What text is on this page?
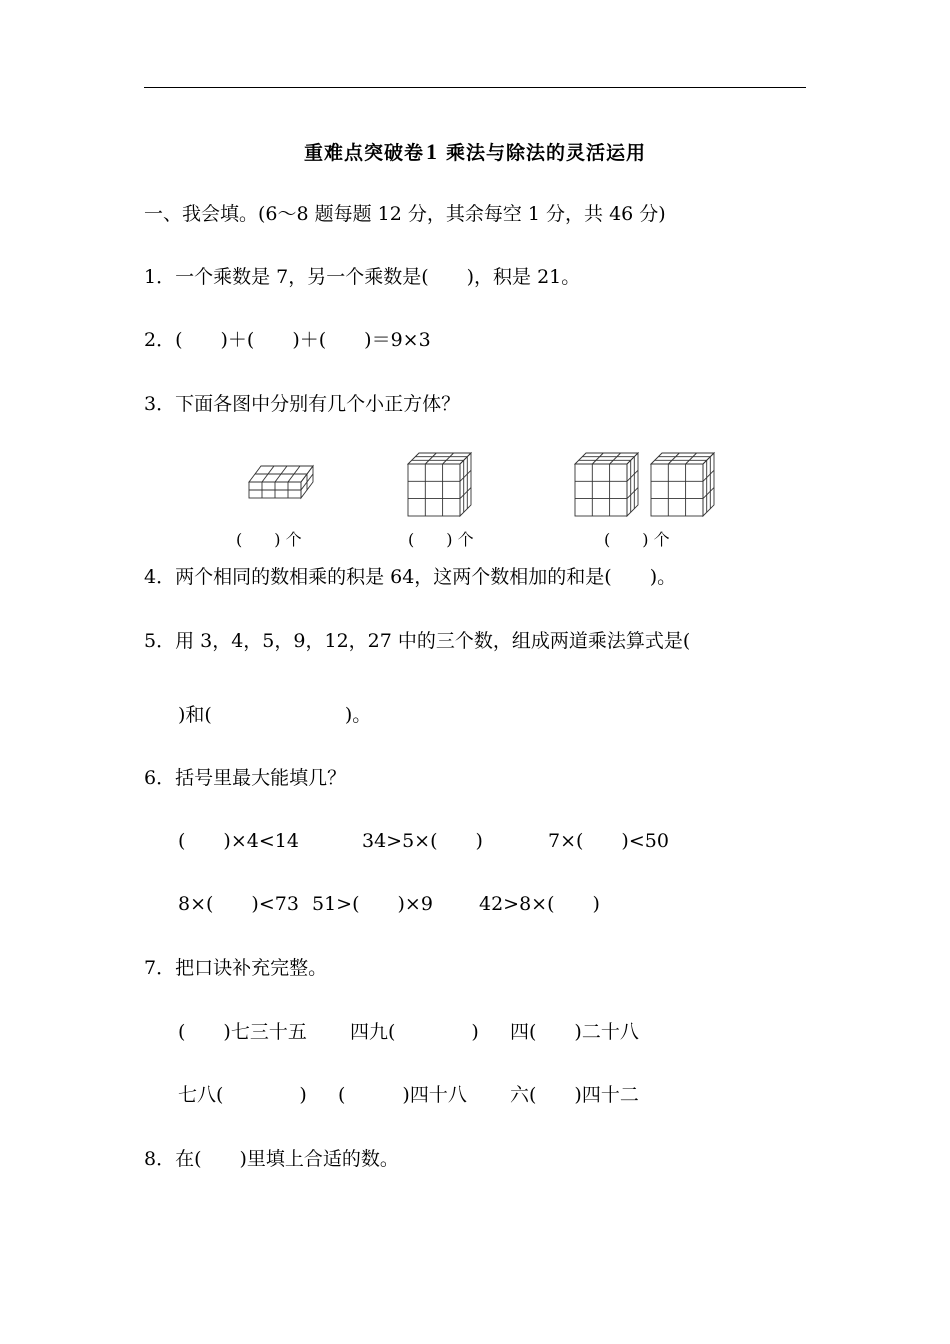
重难点突破卷1 乘法与除法的灵活运用
一、我会填。(6～8 题每题 12 分，其余每空 1 分，共 46 分)
1．一个乘数是 7，另一个乘数是(　　)，积是 21。
2．(　　)＋(　　)＋(　　)＝9×3
3．下面各图中分别有几个小正方体？
(　　) 个	(　　) 个	(　　) 个
4．两个相同的数相乘的积是 64，这两个数相加的和是(　　)。
5．用 3，4，5，9，12，27 中的三个数，组成两道乘法算式是(
)和(　　　　　　　)。
6．括号里最大能填几？
(　　)×4<14	34>5×(　　)	7×(　　)<50
8×(　　)<73 51>(　　)×9 42>8×(　　)
7．把口诀补充完整。
(　　)七三十五 四九(　　　　) 四(　　)二十八
七八(　　　　) (　　　)四十八 六(　　)四十二
8．在(　　)里填上合适的数。
